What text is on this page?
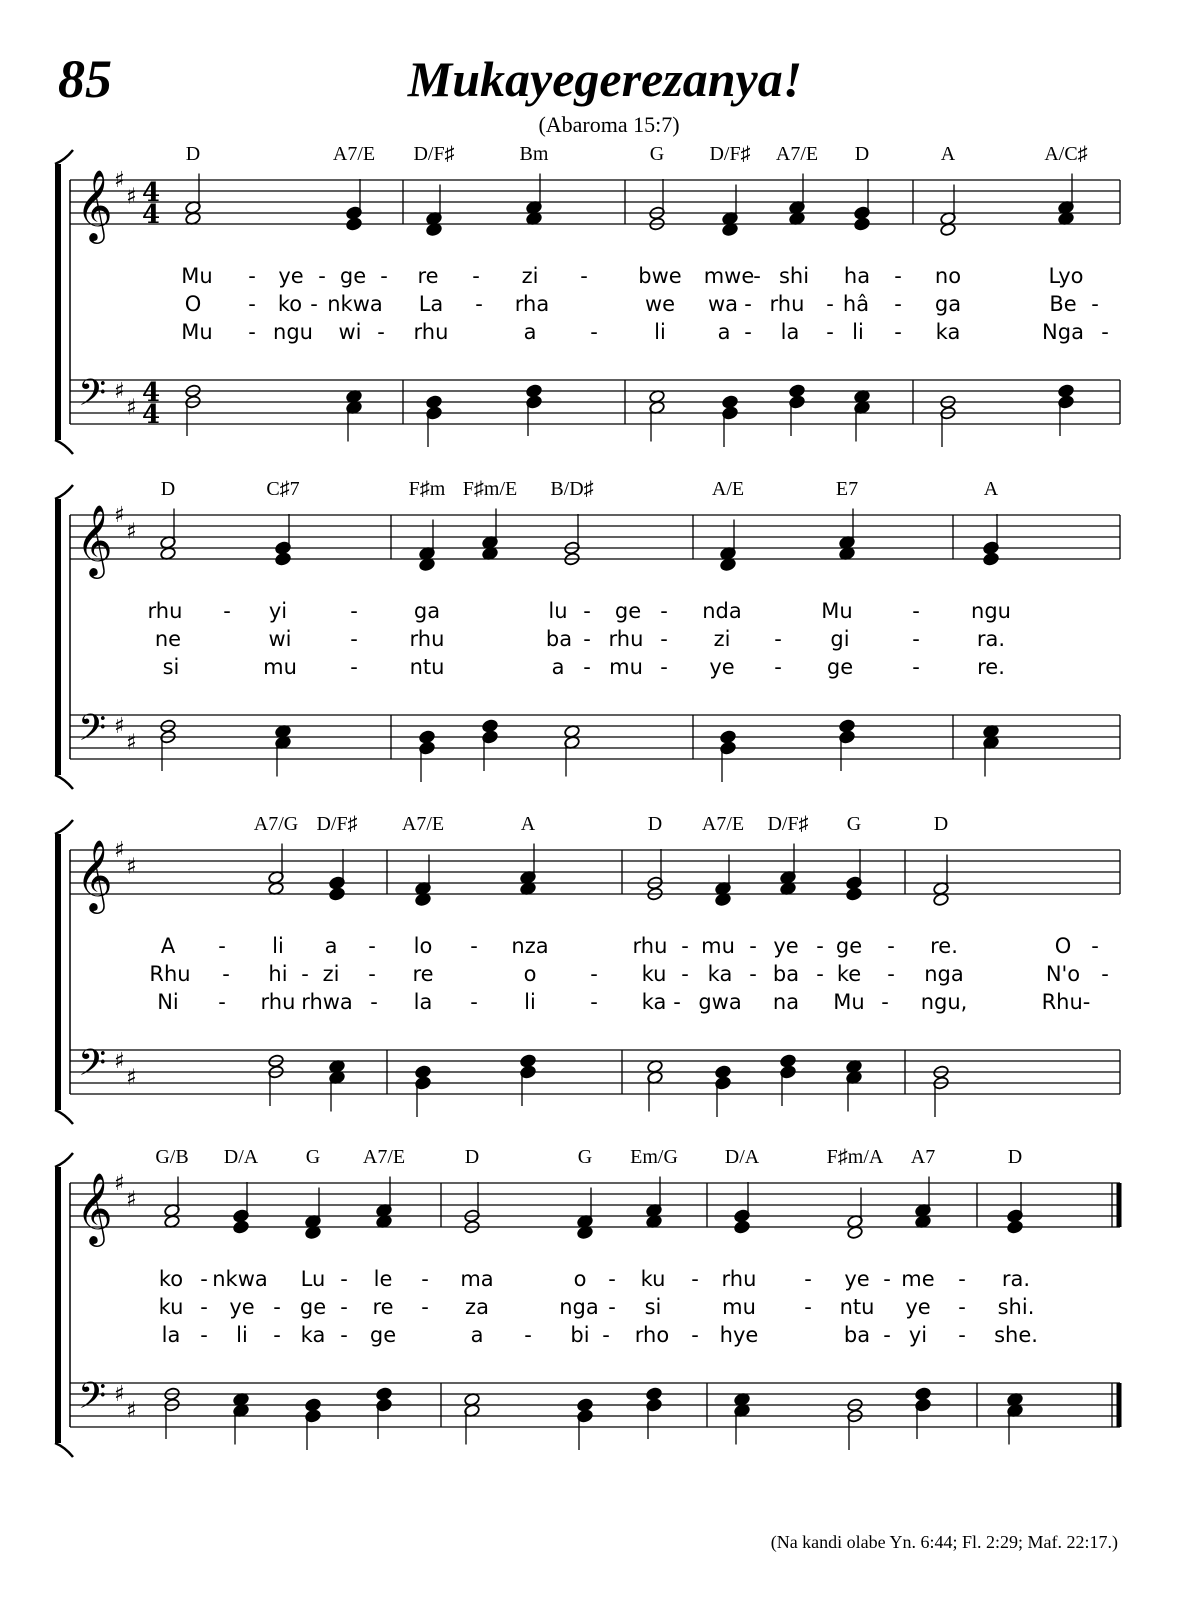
85	Mukayegerezanya!
(Abaroma 15:7)
(Na kandi olabe Yn. 6:44; Fl. 2:29; Maf. 22:17.)
𝄞
𝄢
♯
♯
♯
♯
4
4
4
4
D	A7/E D/F♯	Bm	G D/F♯ A7/E D	A	A/C♯
Mu - ye - ge - re - zi - bwe mwe
- shi ha - no	Lyo
O - ko - nkwa La - rha	we wa - rhu - hâ - ga	Be -
Mu - ngu wi - rhu	a	-	li a - la - li - ka	Nga -
𝄞
𝄢
♯
♯
♯
♯
D	C♯7	F♯m F♯m/E B/D♯	A/E	E7	A
rhu - yi	-	ga	lu - ge - nda	Mu	- ngu
ne	wi	- rhu	ba - rhu - zi - gi	-	ra.
si	mu	- ntu	a - mu - ye - ge	-	re.
𝄞
𝄢
♯
♯
♯
♯
A7/G D/F♯ A7/E	A	D A7/E D/F♯ G	D
A - li a - lo - nza	rhu - mu - ye - ge - re.	O -
Rhu - hi - zi - re	o	- ku - ka - ba - ke - nga	N'o -
Ni - rhu rhwa - la - li	- ka - gwa na Mu - ngu,	Rhu-
𝄞
𝄢
♯
♯
♯
♯
G/B D/A G A7/E	D	G Em/G D/A	F♯m/A A7	D
ko - nkwa Lu - le - ma	o - ku - rhu - ye - me - ra.
ku - ye - ge - re - za	nga - si	mu - ntu ye - shi.
la - li - ka - ge	a - bi - rho - hye	ba - yi - she.
